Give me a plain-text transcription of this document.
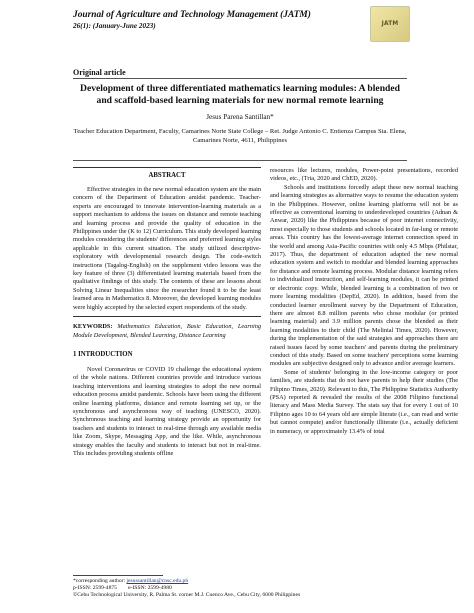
Journal of Agriculture and Technology Management (JATM)
26(1): (January-June 2023)	JATM
Original article
Development of three differentiated mathematics learning modules: A blended and scaffold-based learning materials for new normal remote learning
Jesus Parena Santillan*
Teacher Education Department, Faculty, Camarines Norte State College – Ret. Judge Antonio C. Entienza Campus Sta. Elena, Camarines Norte, 4611, Philippines

ABSTRACT

Effective strategies in the new normal education system are the main concern of the Department of Education amidst pandemic. Teacher-experts are encouraged to innovate intervention-learning materials as a support mechanism to address the issues on distance and remote teaching and learning process and provide the quality of education in the Philippines under the (K to 12) Curriculum. This study developed learning modules considering the students' differences and preferred learning styles applicable in this current situation. The study utilized descriptive-exploratory with developmental research design. The code-switch instructions (Tagalog-English) on the supplement video lessons was the key feature of three (3) differentiated learning materials based from the qualitative findings of this study. The contents of these are lessons about Solving Linear Inequalities since the researcher found it to be the least learned area in Mathematics 8. Moreover, the developed learning modules were highly accepted by the selected expert respondents of the study.

KEYWORDS: Mathematics Education, Basic Education, Learning Module Development, Blended Learning, Distance Learning

1 INTRODUCTION

Novel Coronavirus or COVID 19 challenge the educational system of the whole nations. Different countries provide and introduce various teaching interventions and learning strategies to adopt the new normal education process amidst pandemic. Schools have been using the different online learning platforms, distance and remote learning set up, or the synchronous and asynchronous way of teaching (UNESCO, 2020). Synchronous teaching and learning strategy provide an opportunity for teachers and students to interact in real-time through any available media like Zoom, Skype, Messaging App, and the like. While, asynchronous strategy enables the faculty and students to interact but not in real-time. This includes providing students offline

resources like lectures, modules, Power-point presentations, recorded videos, etc., (Tria, 2020 and ChED, 2020).

Schools and institutions forcedly adapt these new normal teaching and learning strategies as alternative ways to resume the education system in the Philippines. However, online learning platforms will not be as effective as conventional learning to underdeveloped countries (Adnan & Anwar, 2020) like the Philippines because of poor internet connectivity, most especially to those students and schools located in far-lung or remote areas. This country has the lowest-average internet connection speed in the world and among Asia-Pacific countries with only 4.5 Mbps (Philstar, 2017). Thus, the department of education adapted the new normal education system and switch to modular and blended learning approaches for distance and remote learning process. Modular distance learning refers to individualized instruction, and self-learning modules, it can be printed or electronic copy. While, blended learning is a combination of two or more learning modalities (DepEd, 2020). In addition, based from the conducted learner enrollment survey by the Department of Education, there are almost 8.8 million parents who chose modular (or printed learning material) and 3.9 million parents chose the blended as their learning modalities to their child (The Melinial Times, 2020). However, during the implementation of the said strategies and approaches there are raised issues faced by some teachers' and parents during the preliminary conduct of this study. Based on some teachers' perceptions some learning modules are subjective designed only to advance and/or average learners.

Some of students' belonging in the low-income category or poor families, are students that do not have parents to help their studies (The Filipino Times, 2020). Relevant to this, The Philippine Statistics Authority (PSA) reported & revealed the results of the 2008 Filipino functional literacy and Mass Media Survey. The stats say that for every 1 out of 10 Filipino ages 10 to 64 years old are simple literate (i.e., can read and write but cannot compute) and/or functionally illiterate (i.e., actually deficient in numeracy, or approximately 13.4% of total

*corresponding author: jesussantillan@cnsc.edu.ph
p-ISSN: 2599-4875        e-ISSN: 2599-4980
©Cebu Technological University, R. Palma St. corner M.J. Cuenco Ave., Cebu City, 6000 Philippines
